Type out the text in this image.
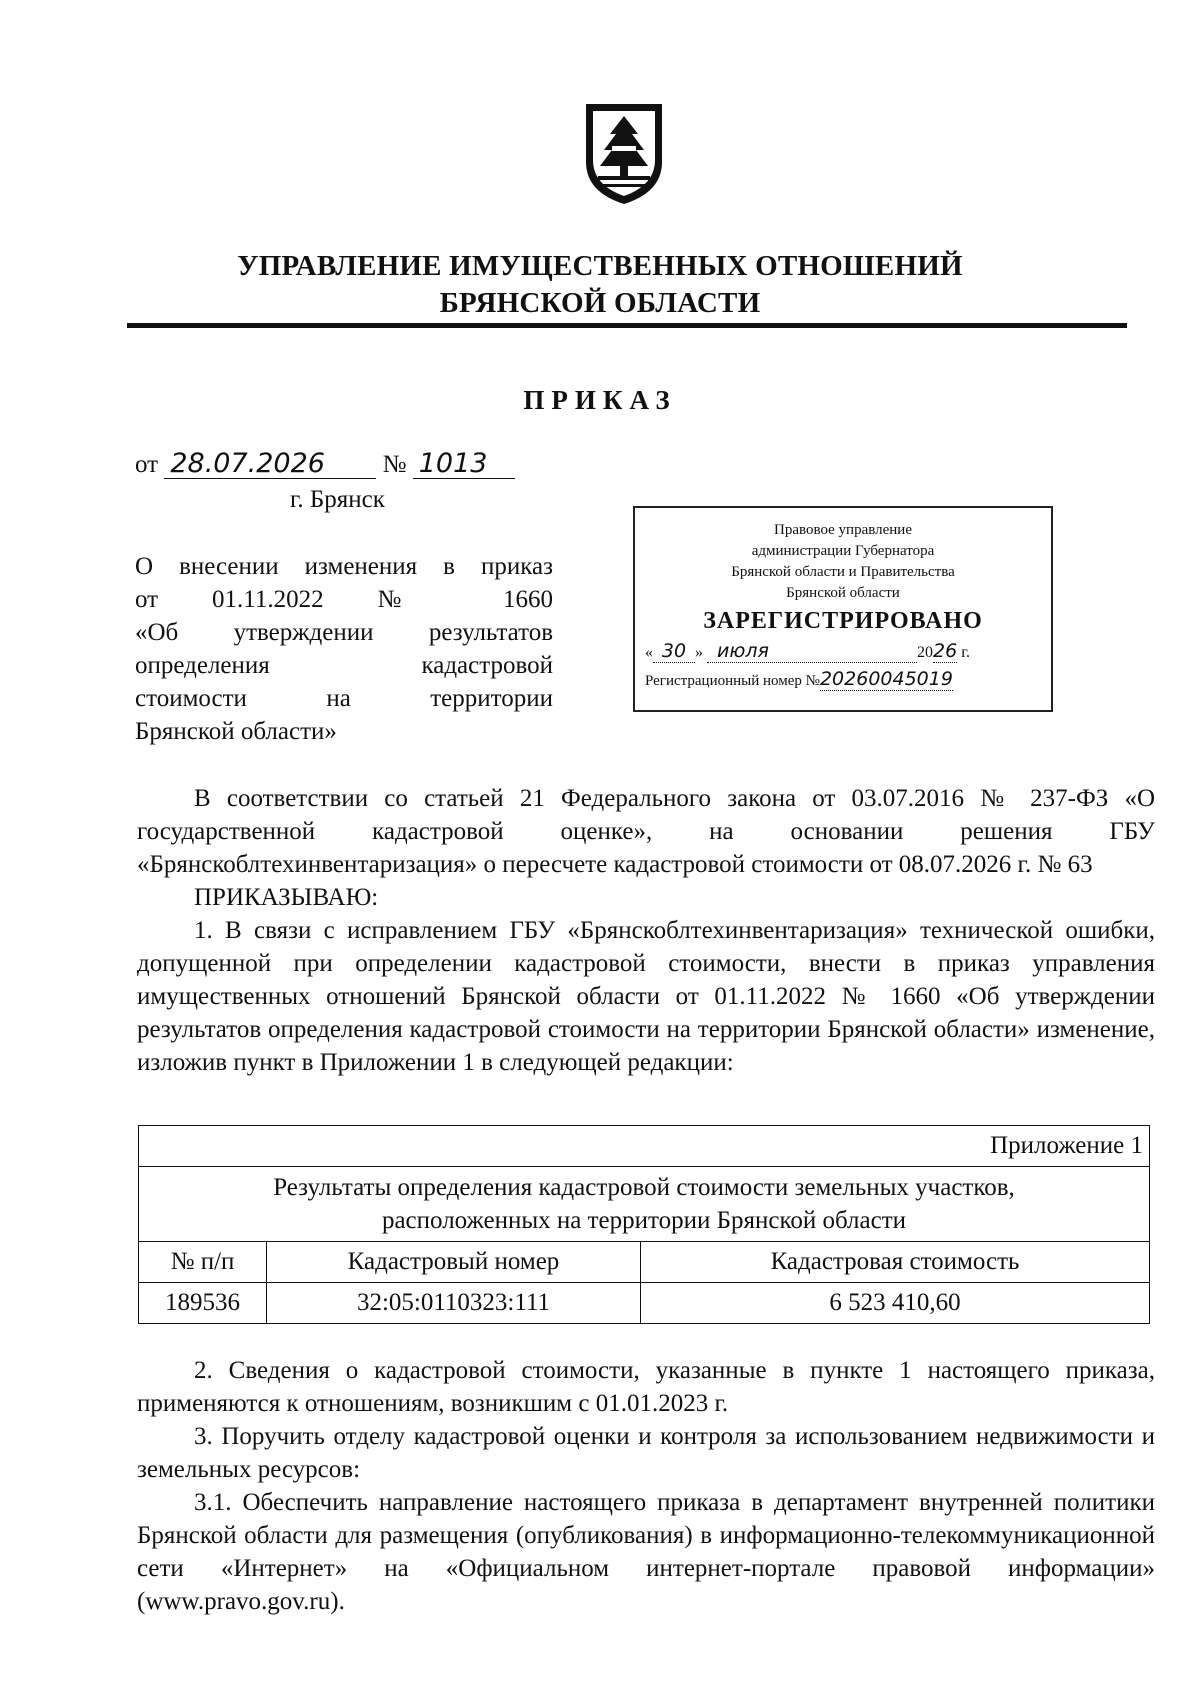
УПРАВЛЕНИЕ ИМУЩЕСТВЕННЫХ ОТНОШЕНИЙ
БРЯНСКОЙ ОБЛАСТИ
ПРИКАЗ
от 28.07.2026 № 1013
г. Брянск

О внесении изменения в приказ

от 01.11.2022 № 1660

«Об утверждении результатов

определения кадастровой

стоимости на территории

Брянской области»

Правовое управление
администрации Губернатора
Брянской области и Правительства
Брянской области
ЗАРЕГИСТРИРОВАНО
« 30 » июля	2026 г.
Регистрационный номер №20260045019

В соответствии со статьей 21 Федерального закона от 03.07.2016 № 237-ФЗ «О государственной кадастровой оценке», на основании решения ГБУ «Брянскоблтехинвентаризация» о пересчете кадастровой стоимости от 08.07.2026 г. № 63

ПРИКАЗЫВАЮ:

1. В связи с исправлением ГБУ «Брянскоблтехинвентаризация» технической ошибки, допущенной при определении кадастровой стоимости, внести в приказ управления имущественных отношений Брянской области от 01.11.2022 № 1660 «Об утверждении результатов определения кадастровой стоимости на территории Брянской области» изменение, изложив пункт в Приложении 1 в следующей редакции:

Приложение 1		

Результаты определения кадастровой стоимости земельных участков,
расположенных на территории Брянской области		

№ п/п	Кадастровый номер	Кадастровая стоимость
189536	32:05:0110323:111	6 523 410,60

2. Сведения о кадастровой стоимости, указанные в пункте 1 настоящего приказа, применяются к отношениям, возникшим с 01.01.2023 г.

3. Поручить отделу кадастровой оценки и контроля за использованием недвижимости и земельных ресурсов:

3.1. Обеспечить направление настоящего приказа в департамент внутренней политики Брянской области для размещения (опубликования) в информационно-телекоммуникационной сети «Интернет» на «Официальном интернет-портале правовой информации» (www.pravo.gov.ru).
